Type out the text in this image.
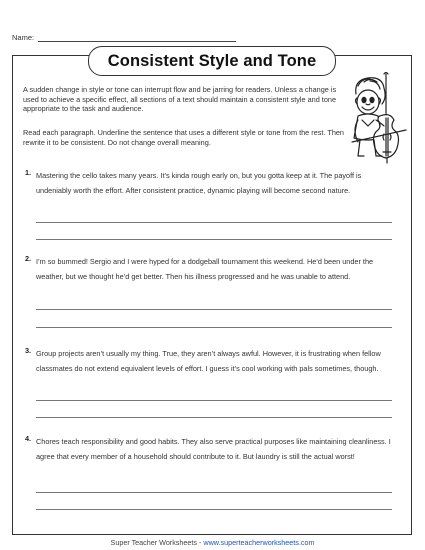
Name:
Consistent Style and Tone

A sudden change in style or tone can interrupt flow and be jarring for readers. Unless a change is used to achieve a specific effect, all sections of a text should maintain a consistent style and tone appropriate to the task and audience.

Read each paragraph. Underline the sentence that uses a different style or tone from the rest. Then rewrite it to be consistent. Do not change overall meaning.

1. Mastering the cello takes many years. It’s kinda rough early on, but you gotta keep at it. The payoff is undeniably worth the effort. After consistent practice, dynamic playing will become second nature.

2. I’m so bummed! Sergio and I were hyped for a dodgeball tournament this weekend. He’d been under the weather, but we thought he’d get better. Then his illness progressed and he was unable to attend.

3. Group projects aren’t usually my thing. True, they aren’t always awful. However, it is frustrating when fellow classmates do not extend equivalent levels of effort. I guess it’s cool working with pals sometimes, though.

4. Chores teach responsibility and good habits. They also serve practical purposes like maintaining cleanliness. I agree that every member of a household should contribute to it. But laundry is still the actual worst!

Super Teacher Worksheets - www.superteacherworksheets.com
